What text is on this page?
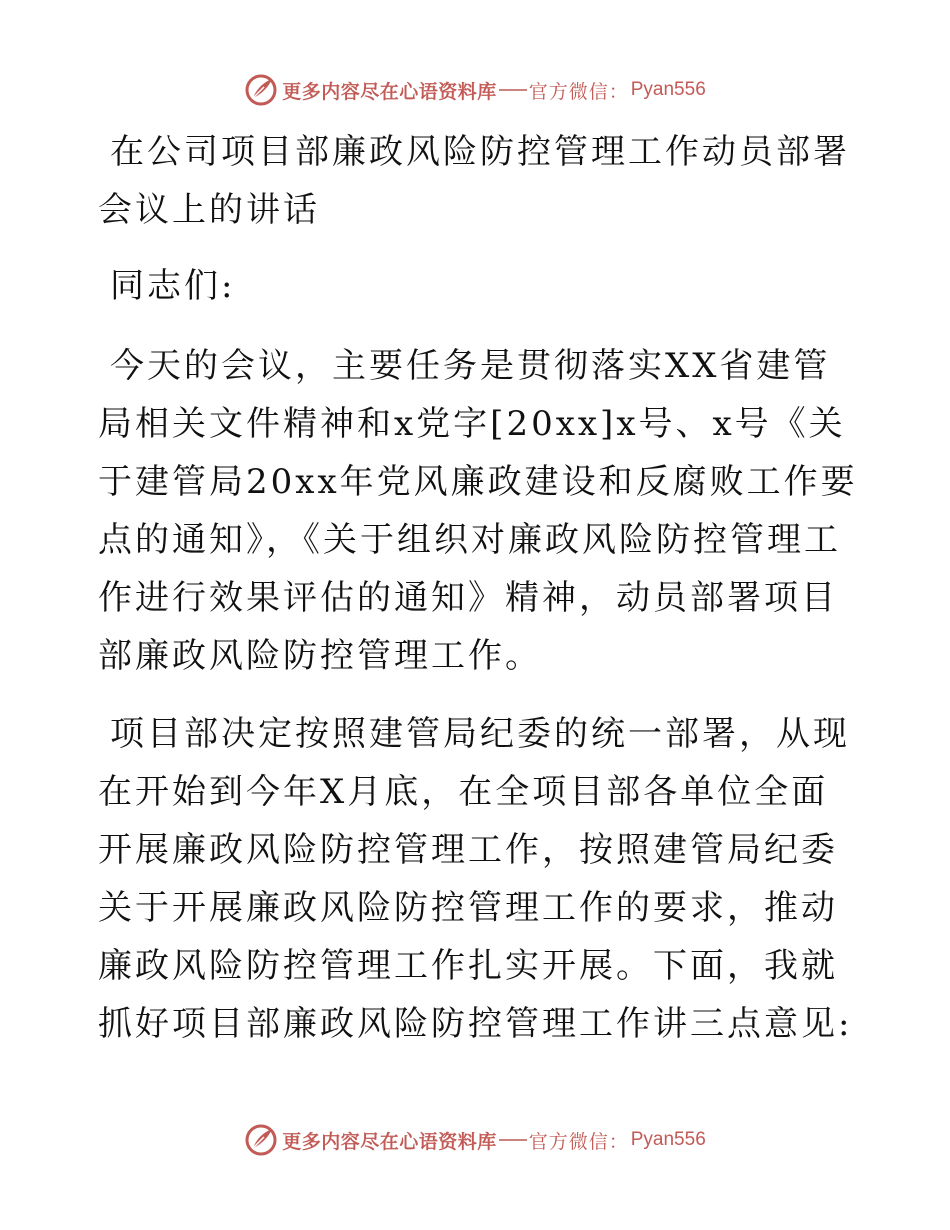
更多内容尽在心语资料库 官方微信： Pyan556

在公司项目部廉政风险防控管理工作动员部署会议上的讲话

同志们:

今天的会议，主要任务是贯彻落实XX省建管局相关文件精神和x党字[20xx]x号、x号《关于建管局20xx年党风廉政建设和反腐败工作要点的通知》，《关于组织对廉政风险防控管理工作进行效果评估的通知》精神，动员部署项目部廉政风险防控管理工作。

项目部决定按照建管局纪委的统一部署，从现在开始到今年X月底，在全项目部各单位全面开展廉政风险防控管理工作，按照建管局纪委关于开展廉政风险防控管理工作的要求，推动廉政风险防控管理工作扎实开展。下面，我就抓好项目部廉政风险防控管理工作讲三点意见:

更多内容尽在心语资料库 官方微信： Pyan556
